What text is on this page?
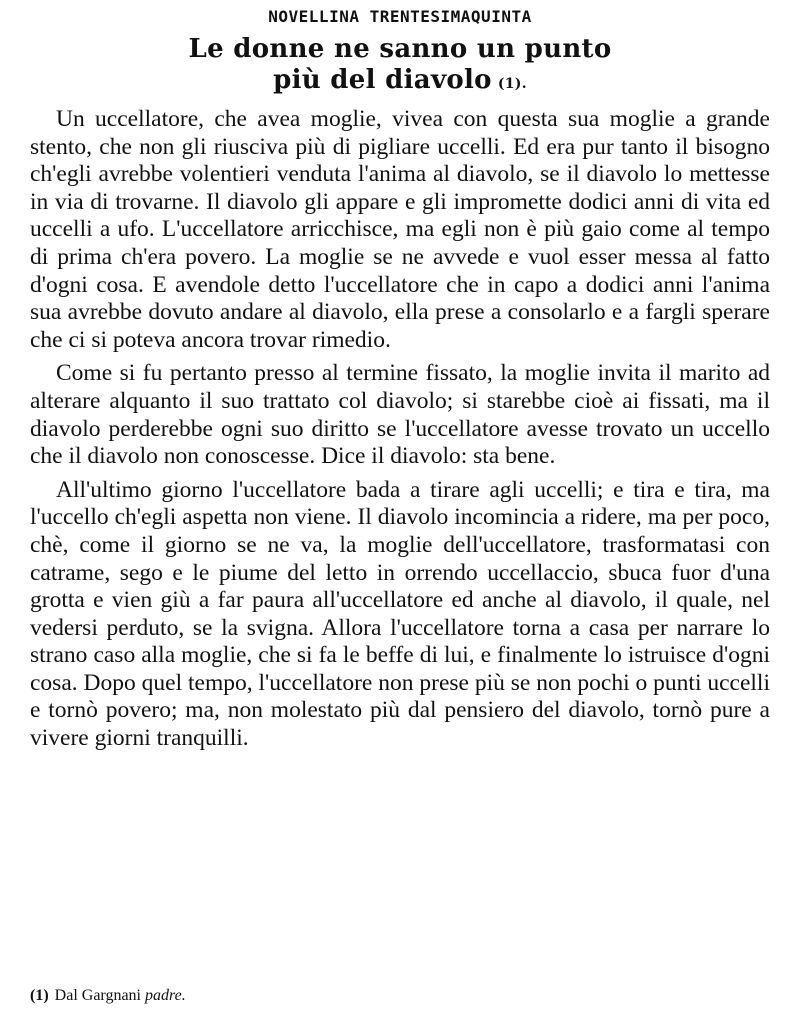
NOVELLINA TRENTESIMAQUINTA
Le donne ne sanno un punto
più del diavolo (1).

Un uccellatore, che avea moglie, vivea con questa sua moglie a grande stento, che non gli riusciva più di pigliare uccelli. Ed era pur tanto il bisogno ch'egli avrebbe volentieri venduta l'anima al diavolo, se il diavolo lo mettesse in via di trovarne. Il diavolo gli appare e gli impromette dodici anni di vita ed uccelli a ufo. L'uccellatore arricchisce, ma egli non è più gaio come al tempo di prima ch'era povero. La moglie se ne avvede e vuol esser messa al fatto d'ogni cosa. E avendole detto l'uccellatore che in capo a dodici anni l'anima sua avrebbe dovuto andare al diavolo, ella prese a consolarlo e a fargli sperare che ci si poteva ancora trovar rimedio.

Come si fu pertanto presso al termine fissato, la moglie invita il marito ad alterare alquanto il suo trattato col diavolo; si starebbe cioè ai fissati, ma il diavolo perderebbe ogni suo diritto se l'uccellatore avesse trovato un uccello che il diavolo non conoscesse. Dice il diavolo: sta bene.

All'ultimo giorno l'uccellatore bada a tirare agli uccelli; e tira e tira, ma l'uccello ch'egli aspetta non viene. Il diavolo incomincia a ridere, ma per poco, chè, come il giorno se ne va, la moglie dell'uccellatore, trasformatasi con catrame, sego e le piume del letto in orrendo uccellaccio, sbuca fuor d'una grotta e vien giù a far paura all'uccellatore ed anche al diavolo, il quale, nel vedersi perduto, se la svigna. Allora l'uccellatore torna a casa per narrare lo strano caso alla moglie, che si fa le beffe di lui, e finalmente lo istruisce d'ogni cosa. Dopo quel tempo, l'uccellatore non prese più se non pochi o punti uccelli e tornò povero; ma, non molestato più dal pensiero del diavolo, tornò pure a vivere giorni tranquilli.

(1) Dal Gargnani padre.
